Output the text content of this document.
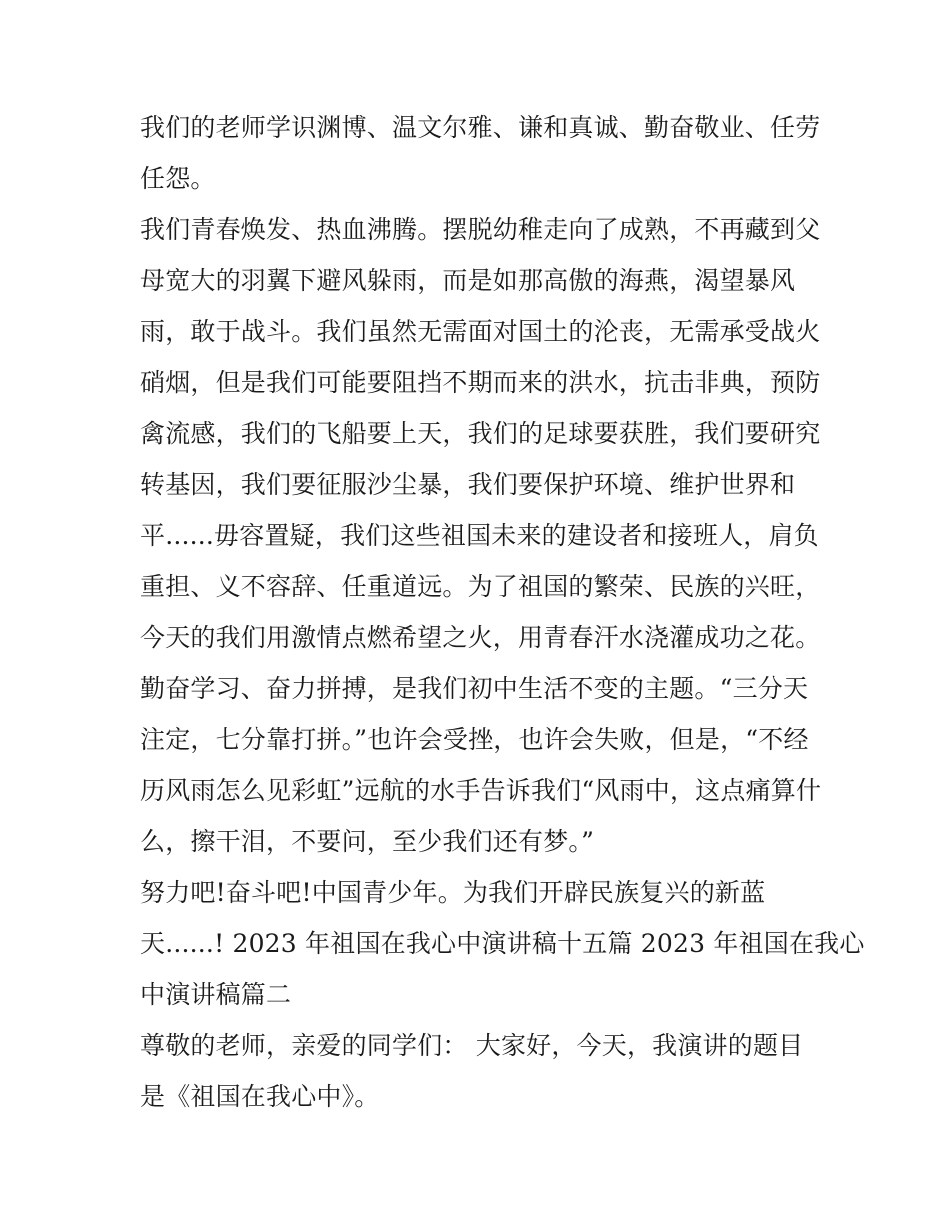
我们的老师学识渊博、温文尔雅、谦和真诚、勤奋敬业、任劳
任怨。
我们青春焕发、热血沸腾。摆脱幼稚走向了成熟，不再藏到父
母宽大的羽翼下避风躲雨，而是如那高傲的海燕，渴望暴风
雨，敢于战斗。我们虽然无需面对国土的沦丧，无需承受战火
硝烟，但是我们可能要阻挡不期而来的洪水，抗击非典，预防
禽流感，我们的飞船要上天，我们的足球要获胜，我们要研究
转基因，我们要征服沙尘暴，我们要保护环境、维护世界和
平......毋容置疑，我们这些祖国未来的建设者和接班人，肩负
重担、义不容辞、任重道远。为了祖国的繁荣、民族的兴旺，
今天的我们用激情点燃希望之火，用青春汗水浇灌成功之花。
勤奋学习、奋力拼搏，是我们初中生活不变的主题。“三分天
注定，七分靠打拼。”也许会受挫，也许会失败，但是，“不经
历风雨怎么见彩虹”远航的水手告诉我们“风雨中，这点痛算什
么，擦干泪，不要问，至少我们还有梦。”
努力吧!奋斗吧!中国青少年。为我们开辟民族复兴的新蓝
天......! 2023 年祖国在我心中演讲稿十五篇 2023 年祖国在我心
中演讲稿篇二
尊敬的老师，亲爱的同学们： 大家好，今天，我演讲的题目
是《祖国在我心中》。
